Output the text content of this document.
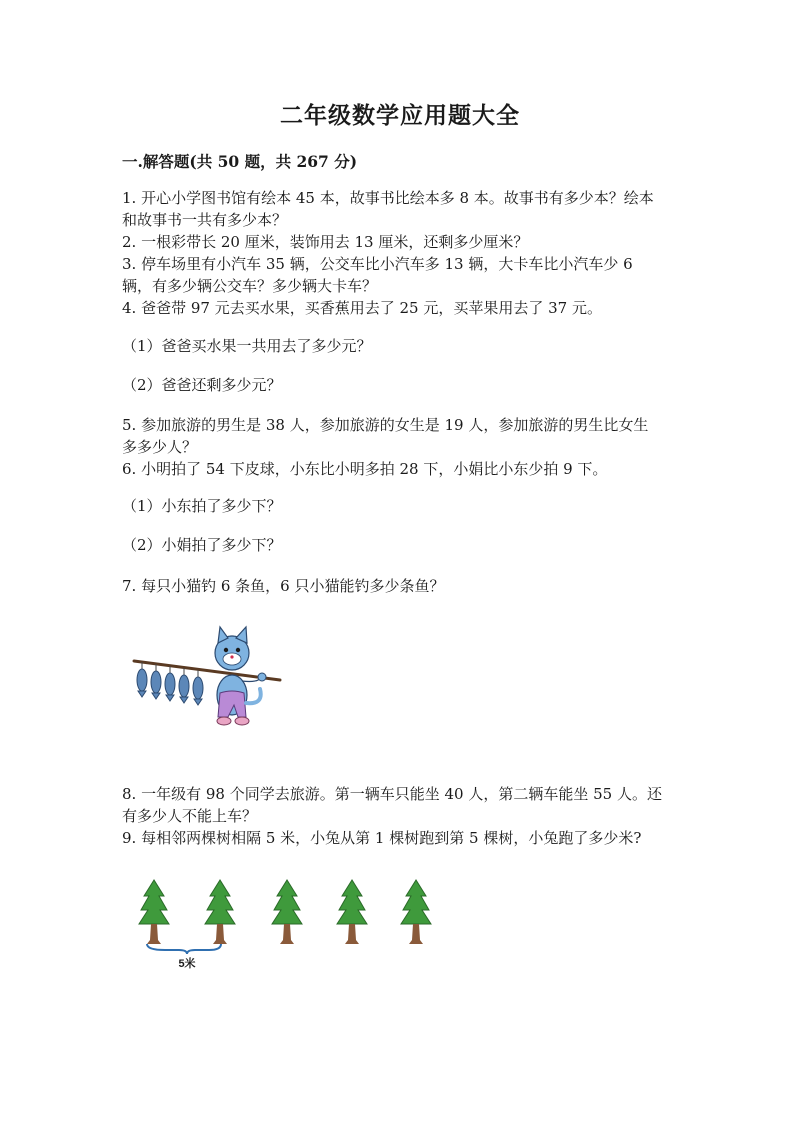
二年级数学应用题大全
一.解答题(共 50 题，共 267 分)
1. 开心小学图书馆有绘本 45 本，故事书比绘本多 8 本。故事书有多少本？绘本
和故事书一共有多少本？
2. 一根彩带长 20 厘米，装饰用去 13 厘米，还剩多少厘米？
3. 停车场里有小汽车 35 辆，公交车比小汽车多 13 辆，大卡车比小汽车少 6
辆，有多少辆公交车？多少辆大卡车？
4. 爸爸带 97 元去买水果，买香蕉用去了 25 元，买苹果用去了 37 元。
（1）爸爸买水果一共用去了多少元？
（2）爸爸还剩多少元？
5. 参加旅游的男生是 38 人，参加旅游的女生是 19 人，参加旅游的男生比女生
多多少人？
6. 小明拍了 54 下皮球，小东比小明多拍 28 下，小娟比小东少拍 9 下。
（1）小东拍了多少下？
（2）小娟拍了多少下？
7. 每只小猫钓 6 条鱼，6 只小猫能钓多少条鱼？
8. 一年级有 98 个同学去旅游。第一辆车只能坐 40 人，第二辆车能坐 55 人。还
有多少人不能上车？
9. 每相邻两棵树相隔 5 米，小兔从第 1 棵树跑到第 5 棵树，小兔跑了多少米?
5米
